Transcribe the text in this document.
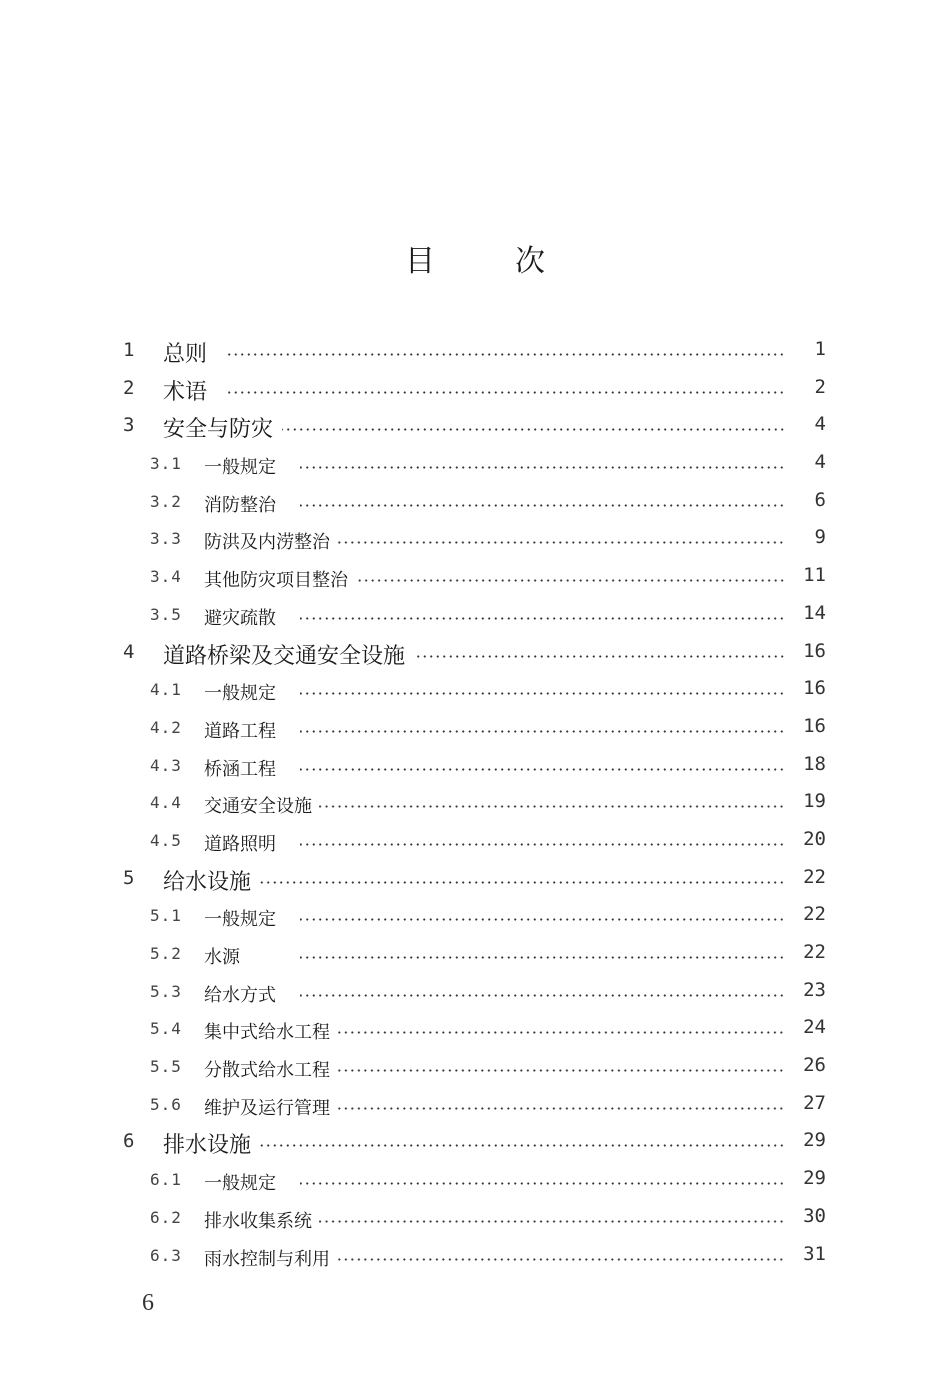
目	次
1 总则	1
2 术语	2
3 安全与防灾	4
3.1 一般规定	4
3.2 消防整治	6
3.3 防洪及内涝整治	9
3.4 其他防灾项目整治	11
3.5 避灾疏散	14
4 道路桥梁及交通安全设施	16
4.1 一般规定	16
4.2 道路工程	16
4.3 桥涵工程	18
4.4 交通安全设施	19
4.5 道路照明	20
5 给水设施	22
5.1 一般规定	22
5.2 水源	22
5.3 给水方式	23
5.4 集中式给水工程	24
5.5 分散式给水工程	26
5.6 维护及运行管理	27
6 排水设施	29
6.1 一般规定	29
6.2 排水收集系统	30
6.3 雨水控制与利用	31
6
